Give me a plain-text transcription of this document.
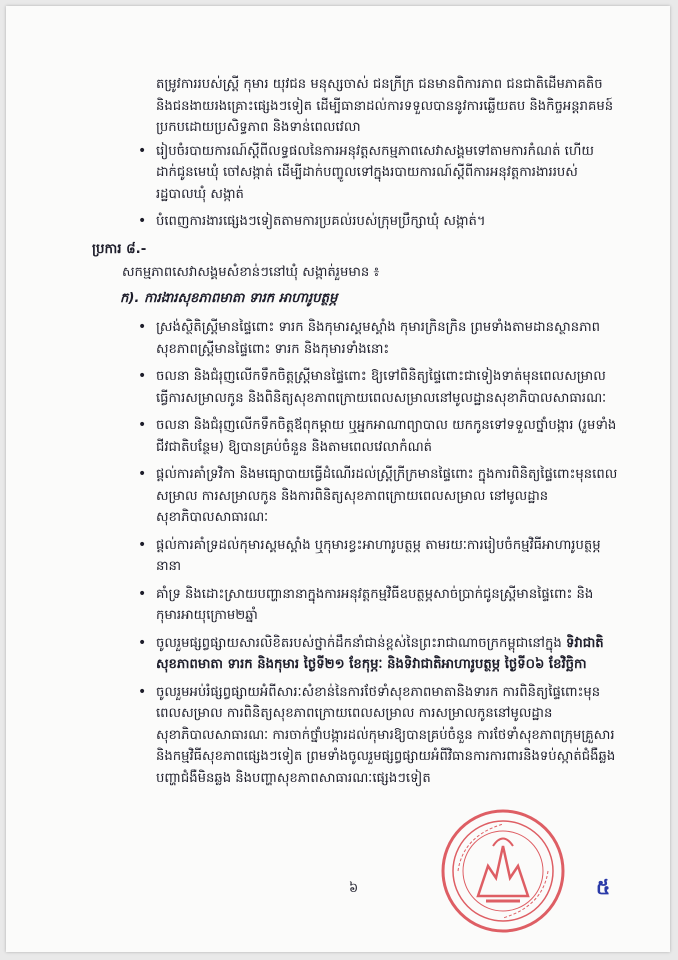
តម្រូវការរបស់ស្ត្រី កុមារ យុវជន មនុស្សចាស់ ជនក្រីក្រ ជនមានពិការភាព ជនជាតិដើមភាគតិច និងជនងាយរងគ្រោះផ្សេងៗទៀត ដើម្បីធានាដល់ការទទួលបាននូវការឆ្លើយតប និងកិច្ចអន្តរាគមន៍ប្រកបដោយប្រសិទ្ធភាព និងទាន់ពេលវេលា

• រៀបចំរបាយការណ៍ស្តីពីលទ្ធផលនៃការអនុវត្តសកម្មភាពសេវាសង្គមទៅតាមការកំណត់ ហើយដាក់ជូនមេឃុំ ចៅសង្កាត់ ដើម្បីដាក់បញ្ចូលទៅក្នុងរបាយការណ៍ស្តីពីការអនុវត្តការងាររបស់រដ្ឋបាលឃុំ សង្កាត់
• បំពេញការងារផ្សេងៗទៀតតាមការប្រគល់របស់ក្រុមប្រឹក្សាឃុំ សង្កាត់។
ប្រការ ៨.-
សកម្មភាពសេវាសង្គមសំខាន់ៗនៅឃុំ សង្កាត់រួមមាន ៖
ក). ការងារសុខភាពមាតា ទារក អាហារូបត្ថម្ភ
• ស្រង់ស្ថិតិស្ត្រីមានផ្ទៃពោះ ទារក និងកុមារស្គមស្គាំង កុមារក្រិនក្រិន ព្រមទាំងតាមដានស្ថានភាពសុខភាពស្ត្រីមានផ្ទៃពោះ ទារក និងកុមារទាំងនោះ
• ចលនា និងជំរុញលើកទឹកចិត្តស្ត្រីមានផ្ទៃពោះ ឱ្យទៅពិនិត្យផ្ទៃពោះជាទៀងទាត់មុនពេលសម្រាល ធ្វើការសម្រាលកូន និងពិនិត្យសុខភាពក្រោយពេលសម្រាលនៅមូលដ្ឋានសុខាភិបាលសាធារណៈ
• ចលនា និងជំរុញលើកទឹកចិត្តឪពុកម្តាយ ឬអ្នកអាណាព្យាបាល យកកូនទៅទទួលថ្នាំបង្ការ (រួមទាំងជីវជាតិបន្ថែម) ឱ្យបានគ្រប់ចំនួន និងតាមពេលវេលាកំណត់
• ផ្តល់ការគាំទ្រវិកា និងមធ្យោបាយធ្វើដំណើរដល់ស្ត្រីក្រីក្រមានផ្ទៃពោះ ក្នុងការពិនិត្យផ្ទៃពោះមុនពេលសម្រាល ការសម្រាលកូន និងការពិនិត្យសុខភាពក្រោយពេលសម្រាល នៅមូលដ្ឋានសុខាភិបាលសាធារណៈ
• ផ្តល់ការគាំទ្រដល់កុមារស្គមស្គាំង ឬកុមារខ្វះអាហារូបត្ថម្ភ តាមរយៈការរៀបចំកម្មវិធីអាហារូបត្ថម្ភនានា
• គាំទ្រ និងដោះស្រាយបញ្ហានានាក្នុងការអនុវត្តកម្មវិធីឧបត្ថម្ភសាច់ប្រាក់ជូនស្ត្រីមានផ្ទៃពោះ និងកុមារអាយុក្រោម២ឆ្នាំ
• ចូលរួមផ្សព្វផ្សាយសារលិខិតរបស់ថ្នាក់ដឹកនាំជាន់ខ្ពស់នៃព្រះរាជាណាចក្រកម្ពុជានៅក្នុង ទិវាជាតិសុខភាពមាតា ទារក និងកុមារ ថ្ងៃទី២១ ខែកុម្ភៈ និងទិវាជាតិអាហារូបត្ថម្ភ ថ្ងៃទី០៦ ខែវិច្ឆិកា
• ចូលរួមអប់រំផ្សព្វផ្សាយអំពីសារៈសំខាន់នៃការថែទាំសុខភាពមាតានិងទារក ការពិនិត្យផ្ទៃពោះមុនពេលសម្រាល ការពិនិត្យសុខភាពក្រោយពេលសម្រាល ការសម្រាលកូននៅមូលដ្ឋានសុខាភិបាលសាធារណៈ ការចាក់ថ្នាំបង្ការដល់កុមារឱ្យបានគ្រប់ចំនួន ការថែទាំសុខភាពក្រុមគ្រួសារ និងកម្មវិធីសុខភាពផ្សេងៗទៀត ព្រមទាំងចូលរួមផ្សព្វផ្សាយអំពីវិធានការការពារនិងទប់ស្កាត់ជំងឺឆ្លង បញ្ហាជំងឺមិនឆ្លង និងបញ្ហាសុខភាពសាធារណៈផ្សេងៗទៀត
៦	៥
